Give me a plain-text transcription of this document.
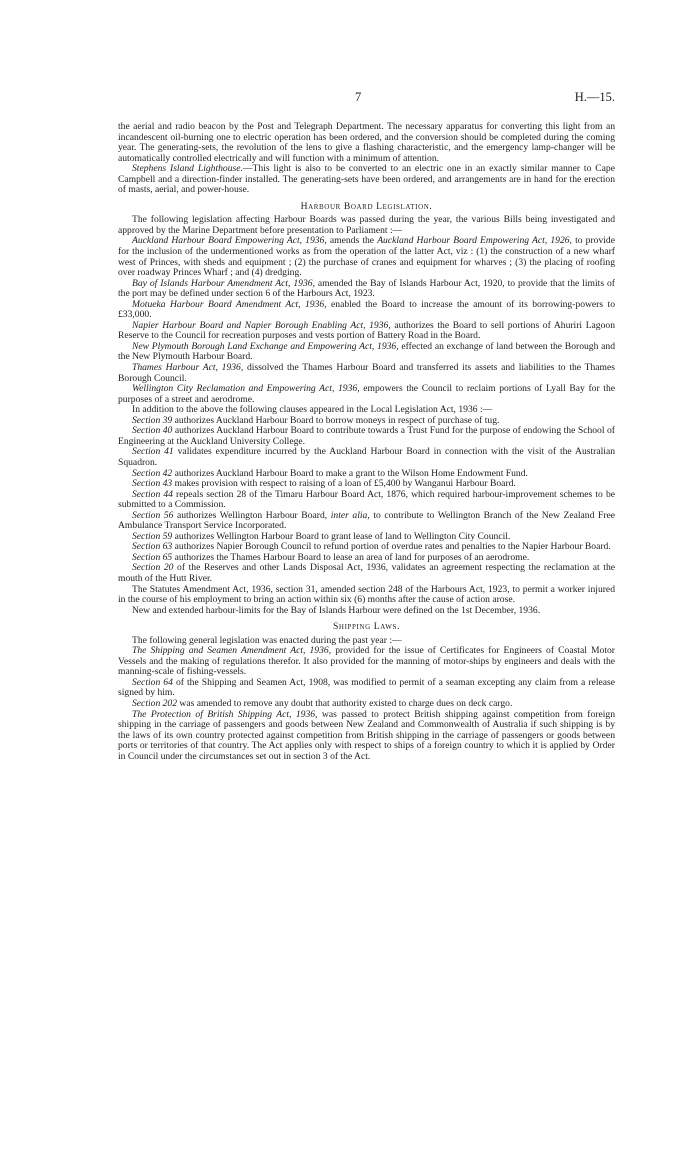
7	H.—15.

the aerial and radio beacon by the Post and Telegraph Department. The necessary apparatus for converting this light from an incandescent oil-burning one to electric operation has been ordered, and the conversion should be completed during the coming year. The generating-sets, the revolution of the lens to give a flashing characteristic, and the emergency lamp-changer will be automatically controlled electrically and will function with a minimum of attention.

Stephens Island Lighthouse.—This light is also to be converted to an electric one in an exactly similar manner to Cape Campbell and a direction-finder installed. The generating-sets have been ordered, and arrangements are in hand for the erection of masts, aerial, and power-house.

Harbour Board Legislation.

The following legislation affecting Harbour Boards was passed during the year, the various Bills being investigated and approved by the Marine Department before presentation to Parliament :—

Auckland Harbour Board Empowering Act, 1936, amends the Auckland Harbour Board Empowering Act, 1926, to provide for the inclusion of the undermentioned works as from the operation of the latter Act, viz : (1) the construction of a new wharf west of Princes, with sheds and equipment ; (2) the purchase of cranes and equipment for wharves ; (3) the placing of roofing over roadway Princes Wharf ; and (4) dredging.

Bay of Islands Harbour Amendment Act, 1936, amended the Bay of Islands Harbour Act, 1920, to provide that the limits of the port may be defined under section 6 of the Harbours Act, 1923.

Motueka Harbour Board Amendment Act, 1936, enabled the Board to increase the amount of its borrowing-powers to £33,000.

Napier Harbour Board and Napier Borough Enabling Act, 1936, authorizes the Board to sell portions of Ahuriri Lagoon Reserve to the Council for recreation purposes and vests portion of Battery Road in the Board.

New Plymouth Borough Land Exchange and Empowering Act, 1936, effected an exchange of land between the Borough and the New Plymouth Harbour Board.

Thames Harbour Act, 1936, dissolved the Thames Harbour Board and transferred its assets and liabilities to the Thames Borough Council.

Wellington City Reclamation and Empowering Act, 1936, empowers the Council to reclaim portions of Lyall Bay for the purposes of a street and aerodrome.

In addition to the above the following clauses appeared in the Local Legislation Act, 1936 :—

Section 39 authorizes Auckland Harbour Board to borrow moneys in respect of purchase of tug.

Section 40 authorizes Auckland Harbour Board to contribute towards a Trust Fund for the purpose of endowing the School of Engineering at the Auckland University College.

Section 41 validates expenditure incurred by the Auckland Harbour Board in connection with the visit of the Australian Squadron.

Section 42 authorizes Auckland Harbour Board to make a grant to the Wilson Home Endowment Fund.

Section 43 makes provision with respect to raising of a loan of £5,400 by Wanganui Harbour Board.

Section 44 repeals section 28 of the Timaru Harbour Board Act, 1876, which required harbour-improvement schemes to be submitted to a Commission.

Section 56 authorizes Wellington Harbour Board, inter alia, to contribute to Wellington Branch of the New Zealand Free Ambulance Transport Service Incorporated.

Section 59 authorizes Wellington Harbour Board to grant lease of land to Wellington City Council.

Section 63 authorizes Napier Borough Council to refund portion of overdue rates and penalties to the Napier Harbour Board.

Section 65 authorizes the Thames Harbour Board to lease an area of land for purposes of an aerodrome.

Section 20 of the Reserves and other Lands Disposal Act, 1936, validates an agreement respecting the reclamation at the mouth of the Hutt River.

The Statutes Amendment Act, 1936, section 31, amended section 248 of the Harbours Act, 1923, to permit a worker injured in the course of his employment to bring an action within six (6) months after the cause of action arose.

New and extended harbour-limits for the Bay of Islands Harbour were defined on the 1st December, 1936.

Shipping Laws.

The following general legislation was enacted during the past year :—

The Shipping and Seamen Amendment Act, 1936, provided for the issue of Certificates for Engineers of Coastal Motor Vessels and the making of regulations therefor. It also provided for the manning of motor-ships by engineers and deals with the manning-scale of fishing-vessels.

Section 64 of the Shipping and Seamen Act, 1908, was modified to permit of a seaman excepting any claim from a release signed by him.

Section 202 was amended to remove any doubt that authority existed to charge dues on deck cargo.

The Protection of British Shipping Act, 1936, was passed to protect British shipping against competition from foreign shipping in the carriage of passengers and goods between New Zealand and Commonwealth of Australia if such shipping is by the laws of its own country protected against competition from British shipping in the carriage of passengers or goods between ports or territories of that country. The Act applies only with respect to ships of a foreign country to which it is applied by Order in Council under the circumstances set out in section 3 of the Act.
